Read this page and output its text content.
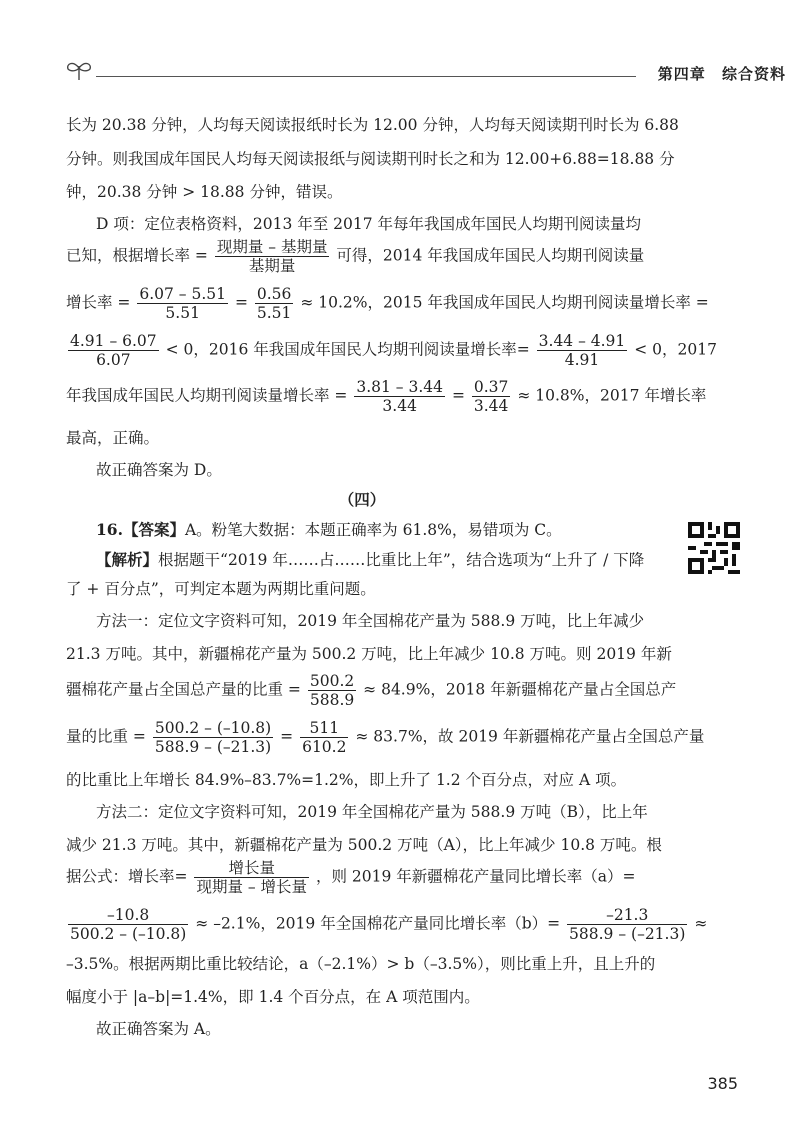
第四章 综合资料
长为 20.38 分钟，人均每天阅读报纸时长为 12.00 分钟，人均每天阅读期刊时长为 6.88
分钟。则我国成年国民人均每天阅读报纸与阅读期刊时长之和为 12.00+6.88=18.88 分
钟，20.38 分钟 > 18.88 分钟，错误。
D 项：定位表格资料，2013 年至 2017 年每年我国成年国民人均期刊阅读量均
已知，根据增长率 = $\frac{\text{现期量 – 基期量}}{\text{基期量}}$ 可得，2014 年我国成年国民人均期刊阅读量
增长率 = $\frac{6.07 - 5.51}{5.51} = \frac{0.56}{5.51} \approx 10.2\%$，2015 年我国成年国民人均期刊阅读量增长率 =
$\frac{4.91 - 6.07}{6.07} < 0$，2016 年我国成年国民人均期刊阅读量增长率= $\frac{3.44 - 4.91}{4.91} < 0$，2017
年我国成年国民人均期刊阅读量增长率 = $\frac{3.81 - 3.44}{3.44} = \frac{0.37}{3.44} \approx 10.8\%$，2017 年增长率
最高，正确。
故正确答案为 D。
（四）
16.【答案】A。粉笔大数据：本题正确率为 61.8%，易错项为 C。
【解析】根据题干“2019 年……占……比重比上年”，结合选项为“上升了 / 下降
了 + 百分点”，可判定本题为两期比重问题。
方法一：定位文字资料可知，2019 年全国棉花产量为 588.9 万吨，比上年减少
21.3 万吨。其中，新疆棉花产量为 500.2 万吨，比上年减少 10.8 万吨。则 2019 年新
疆棉花产量占全国总产量的比重 = $\frac{500.2}{588.9} \approx 84.9\%$，2018 年新疆棉花产量占全国总产
量的比重 = $\frac{500.2 - (-10.8)}{588.9 - (-21.3)} = \frac{511}{610.2} \approx 83.7\%$，故 2019 年新疆棉花产量占全国总产量
的比重比上年增长 84.9%–83.7%=1.2%，即上升了 1.2 个百分点，对应 A 项。
方法二：定位文字资料可知，2019 年全国棉花产量为 588.9 万吨（B），比上年
减少 21.3 万吨。其中，新疆棉花产量为 500.2 万吨（A），比上年减少 10.8 万吨。根
据公式：增长率= $\frac{\text{增长量}}{\text{现期量 – 增长量}}$ ，则 2019 年新疆棉花产量同比增长率（a）=
$\frac{-10.8}{500.2 - (-10.8)} \approx -2.1\%$，2019 年全国棉花产量同比增长率$(b)= \frac{-21.3}{588.9 - (-21.3)}$ ≈
–3.5%。根据两期比重比较结论，a（–2.1%）> b（–3.5%），则比重上升，且上升的
幅度小于 |a–b|=1.4%，即 1.4 个百分点，在 A 项范围内。
故正确答案为 A。
385
